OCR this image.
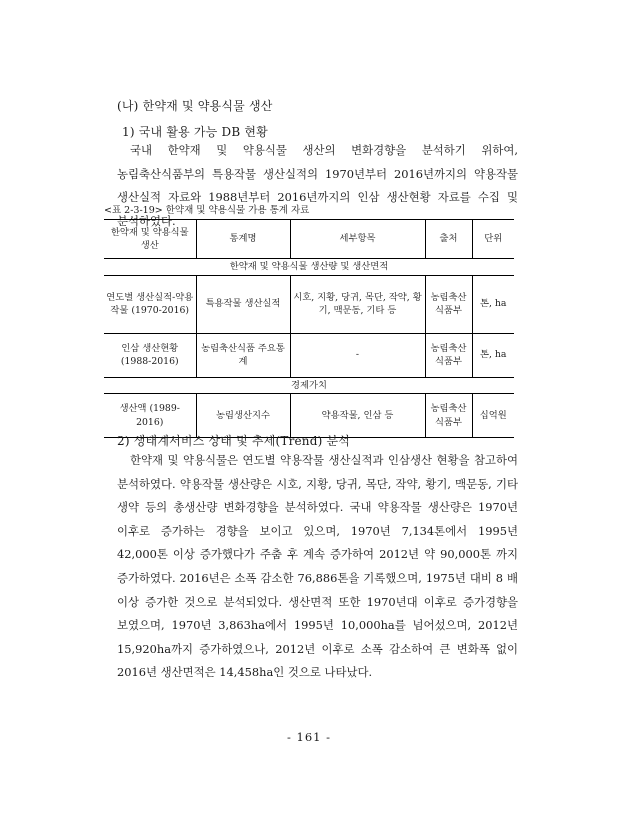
(나) 한약재 및 약용식물 생산
1) 국내 활용 가능 DB 현황

국내 한약재 및 약용식물 생산의 변화경향을 분석하기 위하여, 농림축산식품부의 특용작물 생산실적의 1970년부터 2016년까지의 약용작물 생산실적 자료와 1988년부터 2016년까지의 인삼 생산현황 자료를 수집 및 분석하였다.

<표 2-3-19> 한약재 및 약용식물 가용 통계 자료
한약재 및 약용식물 생산	통계명	세부항목	출처	단위
한약재 및 약용식물 생산량 및 생산면적				
연도별 생산실적-약용작물 (1970-2016)	특용작물 생산실적	시호, 지황, 당귀, 목단, 작약, 황기, 맥문동, 기타 등	농림축산식품부	톤, ha
인삼 생산현황 (1988-2016)	농림축산식품 주요통계	-	농림축산식품부	톤, ha
경제가치				
생산액 (1989-2016)	농림생산지수	약용작물, 인삼 등	농림축산식품부	십억원
2) 생태계서비스 상태 및 추세(Trend) 분석

한약재 및 약용식물은 연도별 약용작물 생산실적과 인삼생산 현황을 참고하여 분석하였다. 약용작물 생산량은 시호, 지황, 당귀, 목단, 작약, 황기, 맥문동, 기타 생약 등의 총생산량 변화경향을 분석하였다. 국내 약용작물 생산량은 1970년 이후로 증가하는 경향을 보이고 있으며, 1970년 7,134톤에서 1995년 42,000톤 이상 증가했다가 주춤 후 계속 증가하여 2012년 약 90,000톤 까지 증가하였다. 2016년은 소폭 감소한 76,886톤을 기록했으며, 1975년 대비 8 배 이상 증가한 것으로 분석되었다. 생산면적 또한 1970년대 이후로 증가경향을 보였으며, 1970년 3,863ha에서 1995년 10,000ha를 넘어섰으며, 2012년 15,920ha까지 증가하였으나, 2012년 이후로 소폭 감소하여 큰 변화폭 없이 2016년 생산면적은 14,458ha인 것으로 나타났다.

- 161 -
